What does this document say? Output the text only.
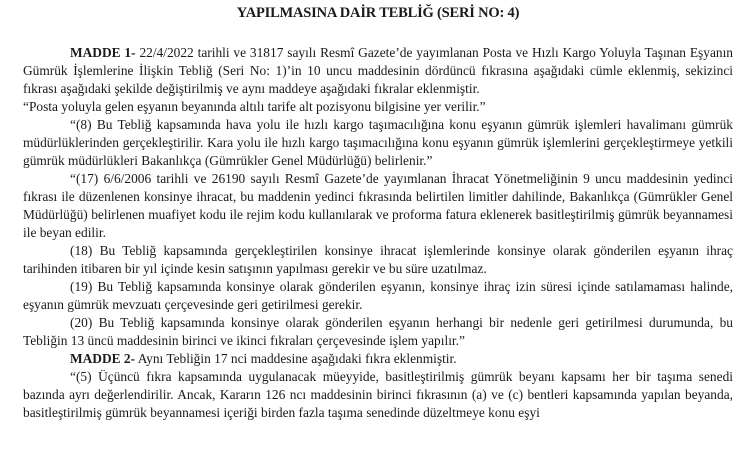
YAPILMASINA DAİR TEBLİĞ (SERİ NO: 4)

MADDE 1- 22/4/2022 tarihli ve 31817 sayılı Resmî Gazete’de yayımlanan Posta ve Hızlı Kargo Yoluyla Taşınan Eşyanın Gümrük İşlemlerine İlişkin Tebliğ (Seri No: 1)’in 10 uncu maddesinin dördüncü fıkrasına aşağıdaki cümle eklenmiş, sekizinci fıkrası aşağıdaki şekilde değiştirilmiş ve aynı maddeye aşağıdaki fıkralar eklenmiştir.

“Posta yoluyla gelen eşyanın beyanında altılı tarife alt pozisyonu bilgisine yer verilir.”

“(8) Bu Tebliğ kapsamında hava yolu ile hızlı kargo taşımacılığına konu eşyanın gümrük işlemleri havalimanı gümrük müdürlüklerinden gerçekleştirilir. Kara yolu ile hızlı kargo taşımacılığına konu eşyanın gümrük işlemlerini gerçekleştirmeye yetkili gümrük müdürlükleri Bakanlıkça (Gümrükler Genel Müdürlüğü) belirlenir.”

“(17) 6/6/2006 tarihli ve 26190 sayılı Resmî Gazete’de yayımlanan İhracat Yönetmeliğinin 9 uncu maddesinin yedinci fıkrası ile düzenlenen konsinye ihracat, bu maddenin yedinci fıkrasında belirtilen limitler dahilinde, Bakanlıkça (Gümrükler Genel Müdürlüğü) belirlenen muafiyet kodu ile rejim kodu kullanılarak ve proforma fatura eklenerek basitleştirilmiş gümrük beyannamesi ile beyan edilir.

(18) Bu Tebliğ kapsamında gerçekleştirilen konsinye ihracat işlemlerinde konsinye olarak gönderilen eşyanın ihraç tarihinden itibaren bir yıl içinde kesin satışının yapılması gerekir ve bu süre uzatılmaz.

(19) Bu Tebliğ kapsamında konsinye olarak gönderilen eşyanın, konsinye ihraç izin süresi içinde satılamaması halinde, eşyanın gümrük mevzuatı çerçevesinde geri getirilmesi gerekir.

(20) Bu Tebliğ kapsamında konsinye olarak gönderilen eşyanın herhangi bir nedenle geri getirilmesi durumunda, bu Tebliğin 13 üncü maddesinin birinci ve ikinci fıkraları çerçevesinde işlem yapılır.”

MADDE 2- Aynı Tebliğin 17 nci maddesine aşağıdaki fıkra eklenmiştir.

“(5) Üçüncü fıkra kapsamında uygulanacak müeyyide, basitleştirilmiş gümrük beyanı kapsamı her bir taşıma senedi bazında ayrı değerlendirilir. Ancak, Kararın 126 ncı maddesinin birinci fıkrasının (a) ve (c) bentleri kapsamında yapılan beyanda, basitleştirilmiş gümrük beyannamesi içeriği birden fazla taşıma senedinde düzeltmeye konu eşyi
